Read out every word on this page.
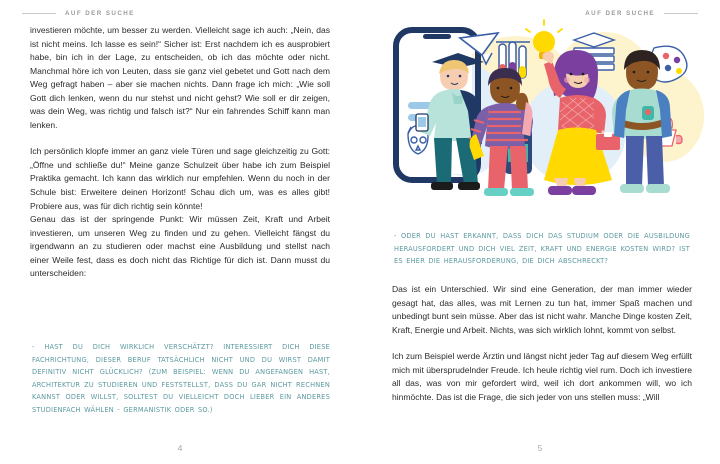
AUF DER SUCHE

investieren möchte, um besser zu werden. Vielleicht sage ich auch: „Nein, das ist nicht meins. Ich lasse es sein!“ Sicher ist: Erst nachdem ich es ausprobiert habe, bin ich in der Lage, zu entscheiden, ob ich das möchte oder nicht. Manchmal höre ich von Leuten, dass sie ganz viel gebetet und Gott nach dem Weg gefragt haben – aber sie machen nichts. Dann frage ich mich: „Wie soll Gott dich lenken, wenn du nur stehst und nicht gehst? Wie soll er dir zeigen, was dein Weg, was richtig und falsch ist?“ Nur ein fahrendes Schiff kann man lenken.

Ich persönlich klopfe immer an ganz viele Türen und sage gleichzeitig zu Gott: „Öffne und schließe du!“ Meine ganze Schulzeit über habe ich zum Beispiel Praktika gemacht. Ich kann das wirklich nur empfehlen. Wenn du noch in der Schule bist: Erweitere deinen Horizont! Schau dich um, was es alles gibt! Probiere aus, was für dich richtig sein könnte!

Genau das ist der springende Punkt: Wir müssen Zeit, Kraft und Arbeit investieren, um unseren Weg zu finden und zu gehen. Vielleicht fängst du irgendwann an zu studieren oder machst eine Ausbildung und stellst nach einer Weile fest, dass es doch nicht das Richtige für dich ist. Dann musst du unterscheiden:

- HAST DU DICH WIRKLICH VERSCHÄTZT? INTERESSIERT DICH DIESE FACHRICHTUNG, DIESER BERUF TATSÄCHLICH NICHT UND DU WIRST DAMIT DEFINITIV NICHT GLÜCKLICH? (ZUM BEISPIEL: WENN DU ANGEFANGEN HAST, ARCHITEKTUR ZU STUDIEREN UND FESTSTELLST, DASS DU GAR NICHT RECHNEN KANNST ODER WILLST, SOLLTEST DU VIELLEICHT DOCH LIEBER EIN ANDERES STUDIENFACH WÄHLEN - GERMANISTIK ODER SO.)
4
AUF DER SUCHE
- ODER DU HAST ERKANNT, DASS DICH DAS STUDIUM ODER DIE AUSBILDUNG HERAUSFORDERT UND DICH VIEL ZEIT, KRAFT UND ENERGIE KOSTEN WIRD? IST ES EHER DIE HERAUSFORDERUNG, DIE DICH ABSCHRECKT?

Das ist ein Unterschied. Wir sind eine Generation, der man immer wieder gesagt hat, das alles, was mit Lernen zu tun hat, immer Spaß machen und unbedingt bunt sein müsse. Aber das ist nicht wahr. Manche Dinge kosten Zeit, Kraft, Energie und Arbeit. Nichts, was sich wirklich lohnt, kommt von selbst.

Ich zum Beispiel werde Ärztin und längst nicht jeder Tag auf diesem Weg erfüllt mich mit übersprudelnder Freude. Ich heule richtig viel rum. Doch ich investiere all das, was von mir gefordert wird, weil ich dort ankommen will, wo ich hinmöchte. Das ist die Frage, die sich jeder von uns stellen muss: „Will

5
